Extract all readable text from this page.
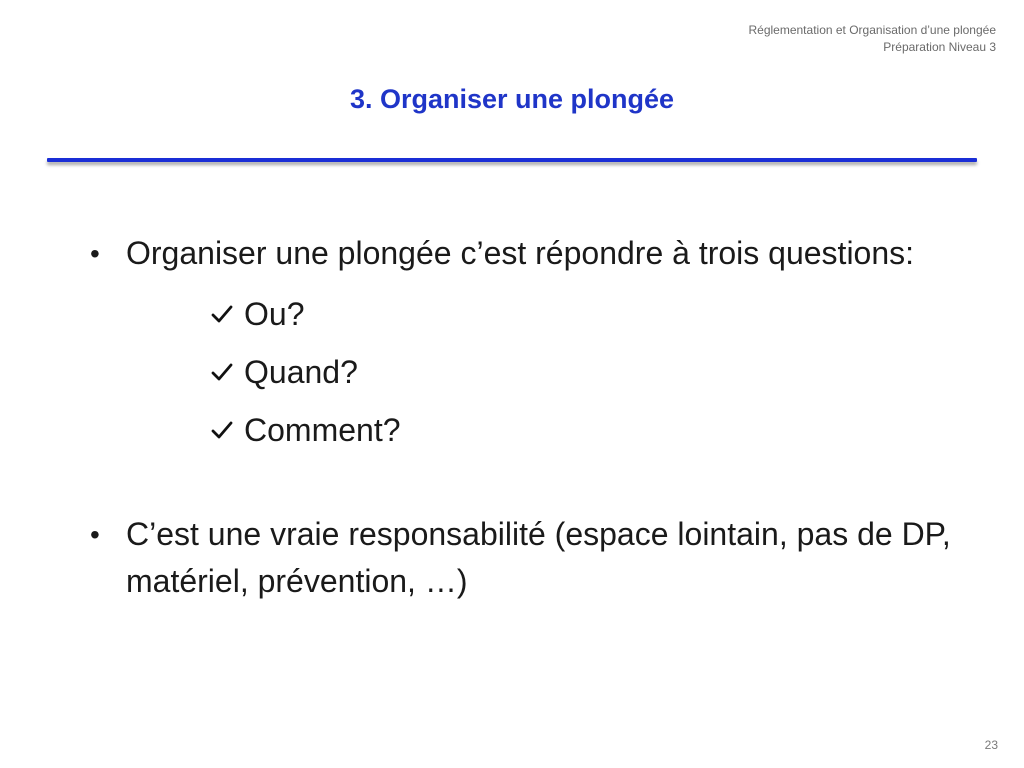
Réglementation et Organisation d’une plongée
Préparation Niveau 3
3. Organiser une plongée
• Organiser une plongée c’est répondre à trois questions:
Ou?
Quand?
Comment?
• C’est une vraie responsabilité (espace lointain, pas de DP, matériel, prévention, …)
23
